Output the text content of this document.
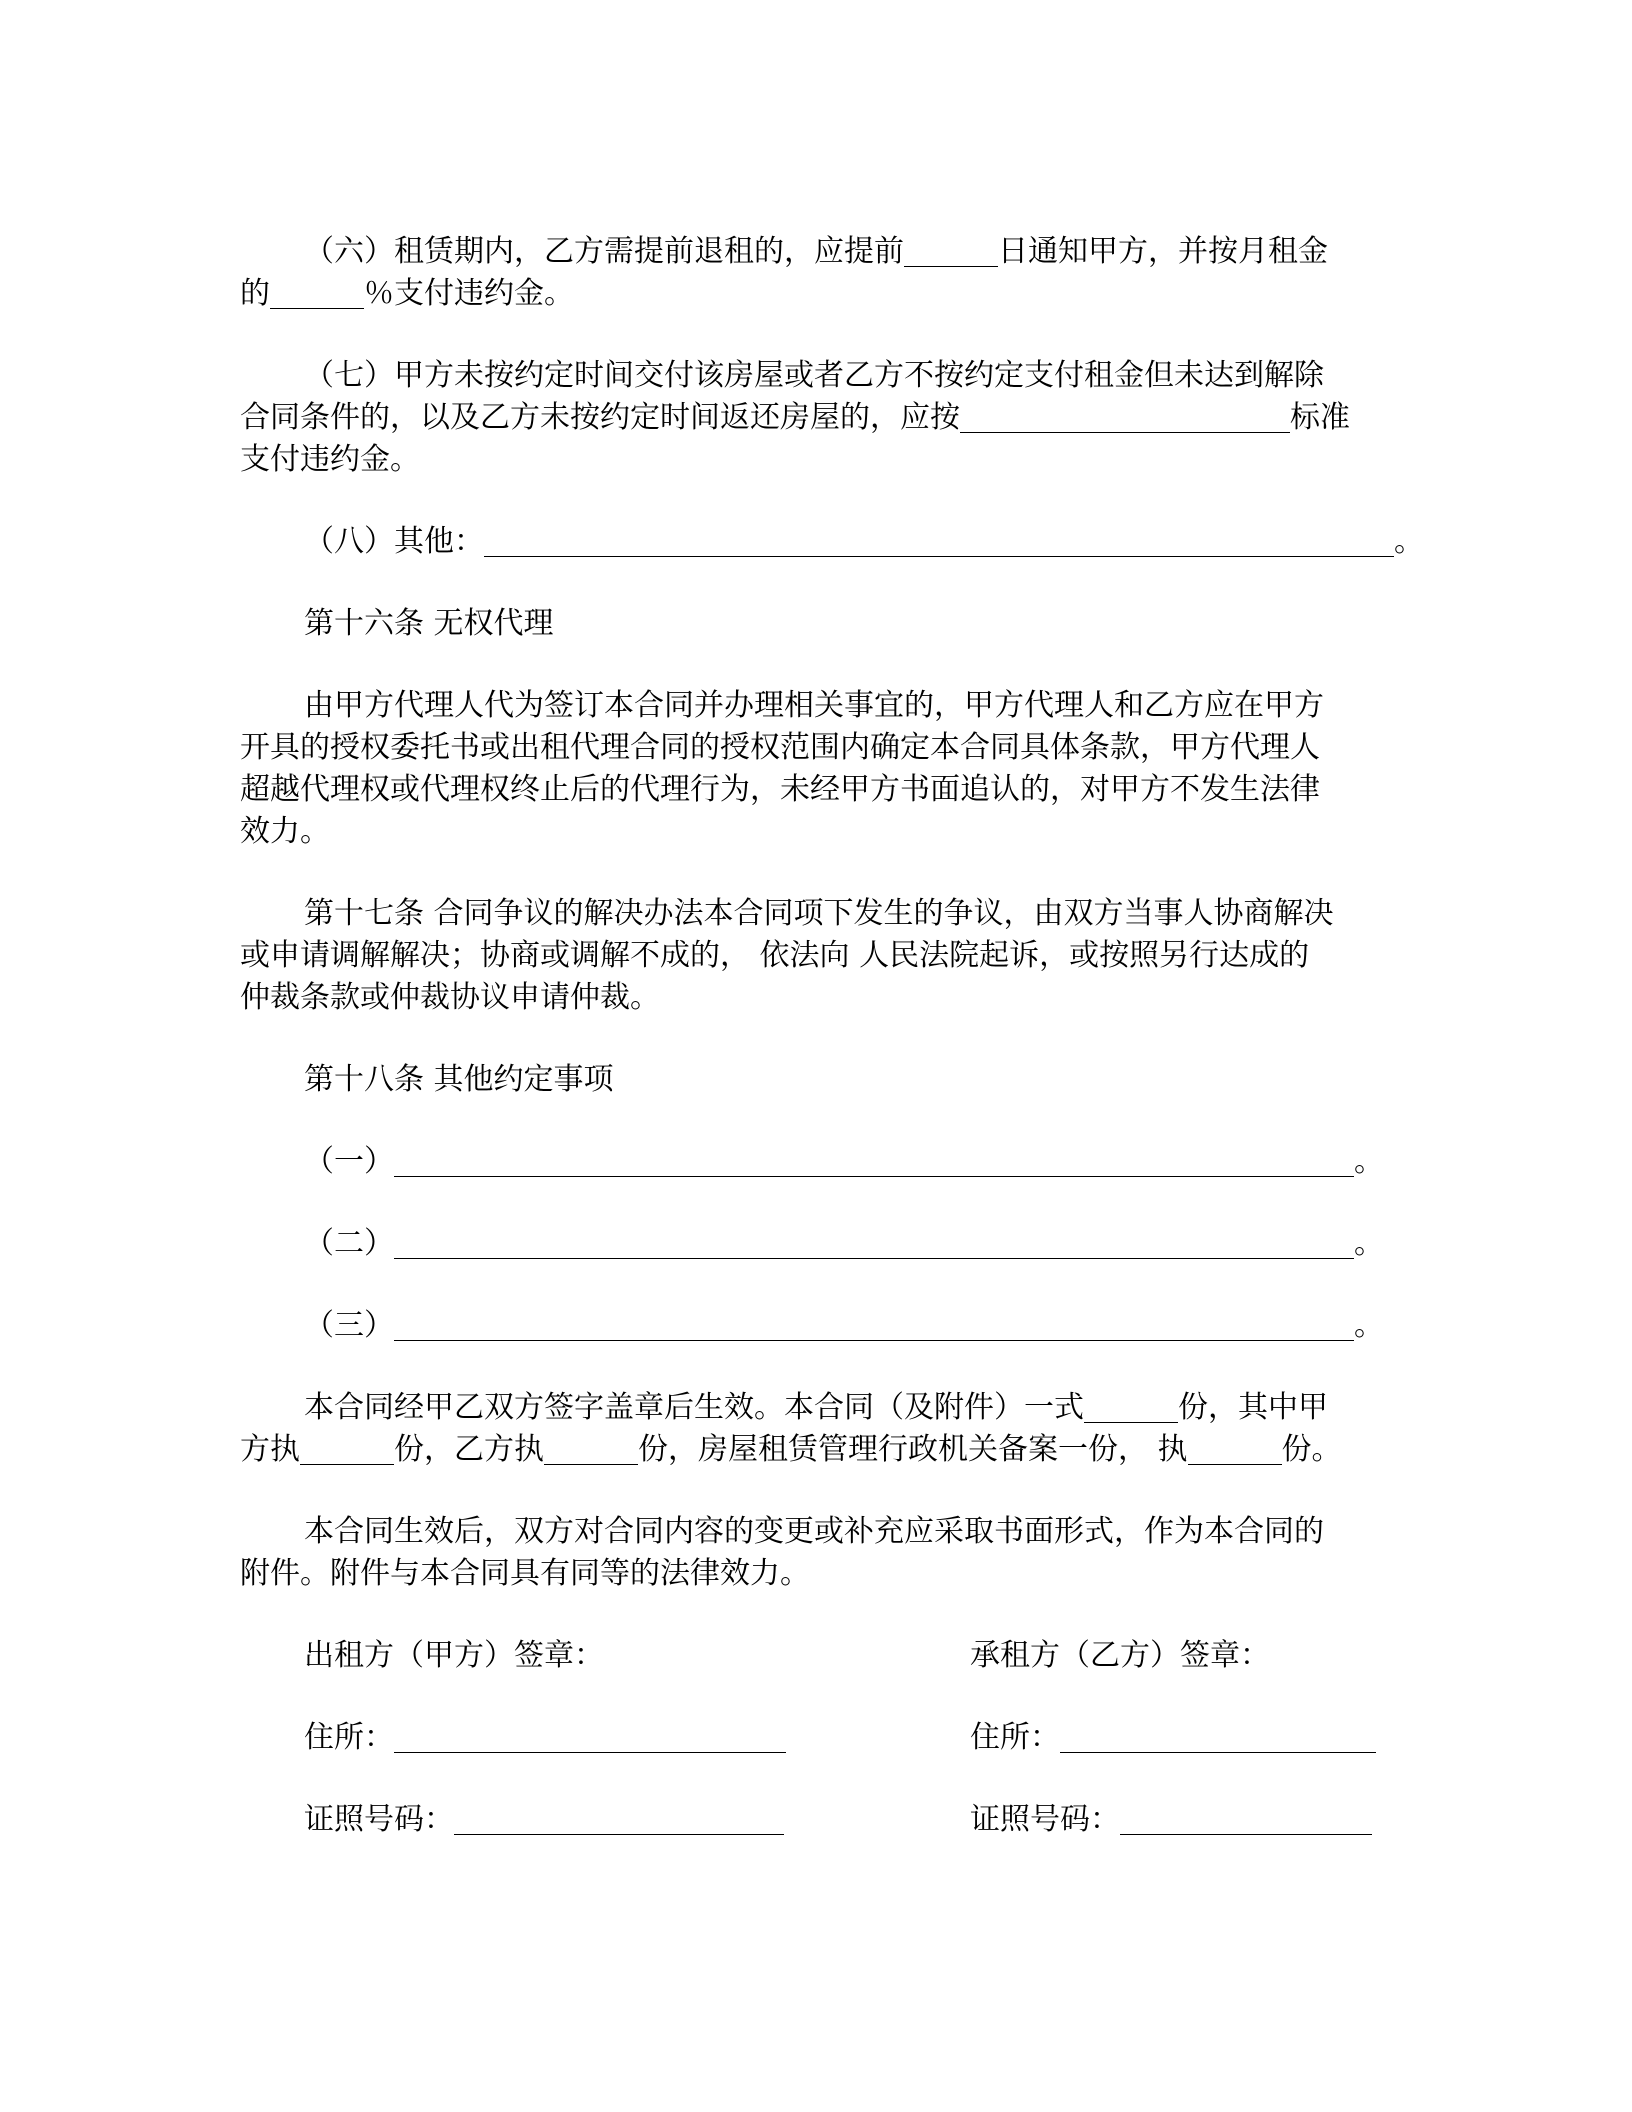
（六）租赁期内，乙方需提前退租的，应提前	日通知甲方，并按月租金
的	％支付违约金。
（七）甲方未按约定时间交付该房屋或者乙方不按约定支付租金但未达到解除
合同条件的，以及乙方未按约定时间返还房屋的，应按	标准
支付违约金。
（八）其他：	。
第十六条 无权代理
由甲方代理人代为签订本合同并办理相关事宜的，甲方代理人和乙方应在甲方
开具的授权委托书或出租代理合同的授权范围内确定本合同具体条款，甲方代理人
超越代理权或代理权终止后的代理行为，未经甲方书面追认的，对甲方不发生法律
效力。
第十七条 合同争议的解决办法本合同项下发生的争议，由双方当事人协商解决
或申请调解解决；协商或调解不成的， 依法向 人民法院起诉，或按照另行达成的
仲裁条款或仲裁协议申请仲裁。
第十八条 其他约定事项
（一）	。
（二）	。
（三）	。
本合同经甲乙双方签字盖章后生效。本合同（及附件）一式	份，其中甲
方执	份，乙方执	份，房屋租赁管理行政机关备案一份， 执	份。
本合同生效后，双方对合同内容的变更或补充应采取书面形式，作为本合同的
附件。附件与本合同具有同等的法律效力。
出租方（甲方）签章：	承租方（乙方）签章：
住所：	住所：
证照号码：	证照号码：
